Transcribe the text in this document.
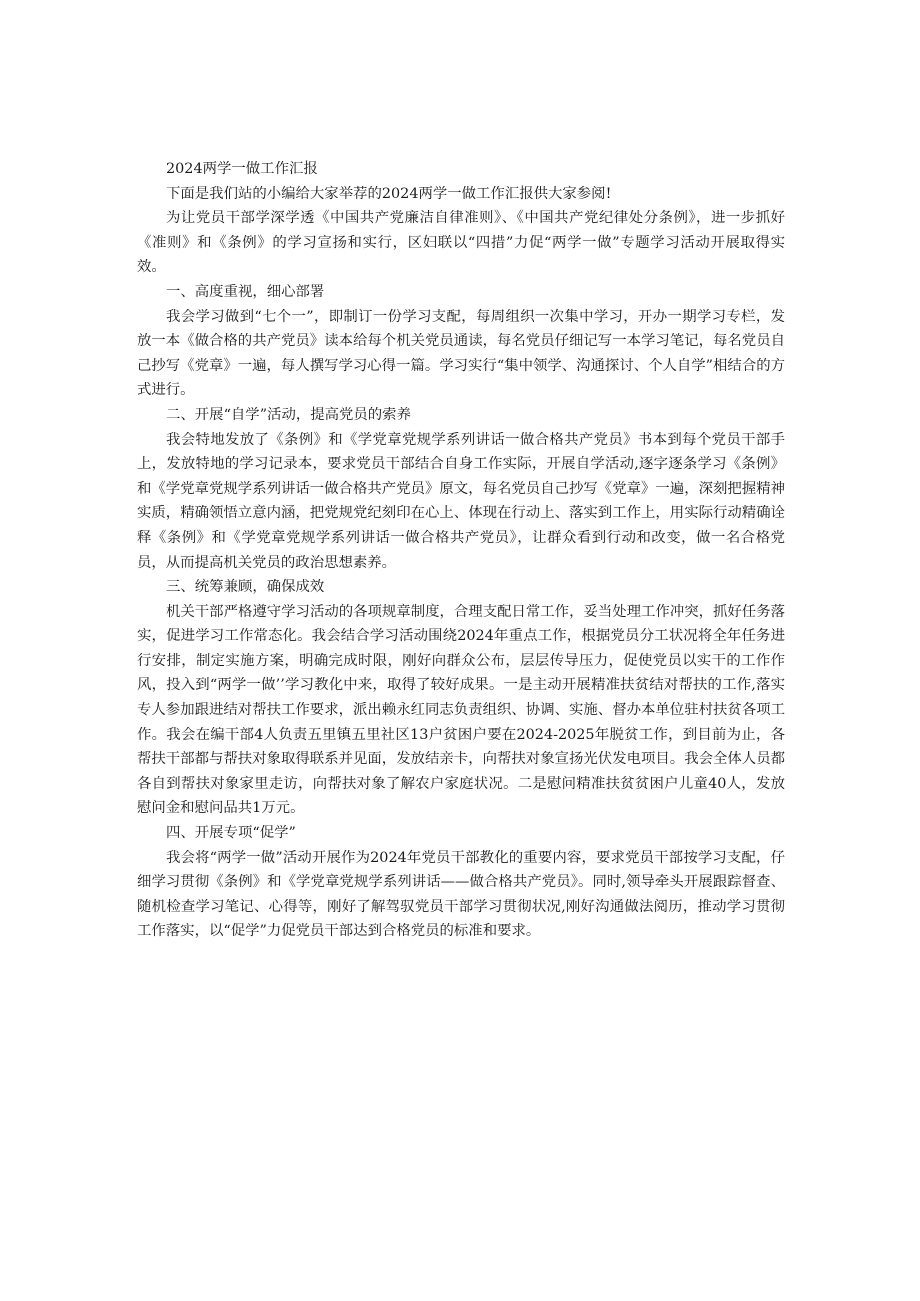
2024两学一做工作汇报

下面是我们站的小编给大家举荐的2024两学一做工作汇报供大家参阅!

为让党员干部学深学透《中国共产党廉洁自律准则》、《中国共产党纪律处分条例》，进一步抓好《准则》和《条例》的学习宣扬和实行，区妇联以“四措”力促“两学一做”专题学习活动开展取得实效。

一、高度重视，细心部署

我会学习做到“七个一”，即制订一份学习支配，每周组织一次集中学习，开办一期学习专栏，发放一本《做合格的共产党员》读本给每个机关党员通读，每名党员仔细记写一本学习笔记，每名党员自己抄写《党章》一遍，每人撰写学习心得一篇。学习实行“集中领学、沟通探讨、个人自学”相结合的方式进行。

二、开展“自学”活动，提高党员的索养

我会特地发放了《条例》和《学党章党规学系列讲话一做合格共产党员》书本到每个党员干部手上，发放特地的学习记录本，要求党员干部结合自身工作实际，开展自学活动,逐字逐条学习《条例》和《学党章党规学系列讲话一做合格共产党员》原文，每名党员自己抄写《党章》一遍，深刻把握精神实质，精确领悟立意内涵，把党规党纪刻印在心上、体现在行动上、落实到工作上，用实际行动精确诠释《条例》和《学党章党规学系列讲话一做合格共产党员》，让群众看到行动和改变，做一名合格党员，从而提高机关党员的政治思想素养。

三、统筹兼顾，确保成效

机关干部严格遵守学习活动的各项规章制度，合理支配日常工作，妥当处理工作冲突，抓好任务落实，促进学习工作常态化。我会结合学习活动围绕2024年重点工作，根据党员分工状况将全年任务进行安排，制定实施方案，明确完成时限，刚好向群众公布，层层传导压力，促使党员以实干的工作作风，投入到“两学一做’’学习教化中来，取得了较好成果。一是主动开展精准扶贫结对帮扶的工作,落实专人参加跟进结对帮扶工作要求，派出赖永红同志负责组织、协调、实施、督办本单位驻村扶贫各项工作。我会在编干部4人负责五里镇五里社区13户贫困户要在2024-2025年脱贫工作，到目前为止，各帮扶干部都与帮扶对象取得联系并见面，发放结亲卡，向帮扶对象宣扬光伏发电项目。我会全体人员都各自到帮扶对象家里走访，向帮扶对象了解农户家庭状况。二是慰问精准扶贫贫困户儿童40人，发放慰问金和慰问品共1万元。

四、开展专项“促学”

我会将“两学一做”活动开展作为2024年党员干部教化的重要内容，要求党员干部按学习支配，仔细学习贯彻《条例》和《学党章党规学系列讲话——做合格共产党员》。同时,领导牵头开展跟踪督查、随机检查学习笔记、心得等，刚好了解驾驭党员干部学习贯彻状况,刚好沟通做法阅历，推动学习贯彻工作落实，以“促学”力促党员干部达到合格党员的标准和要求。
